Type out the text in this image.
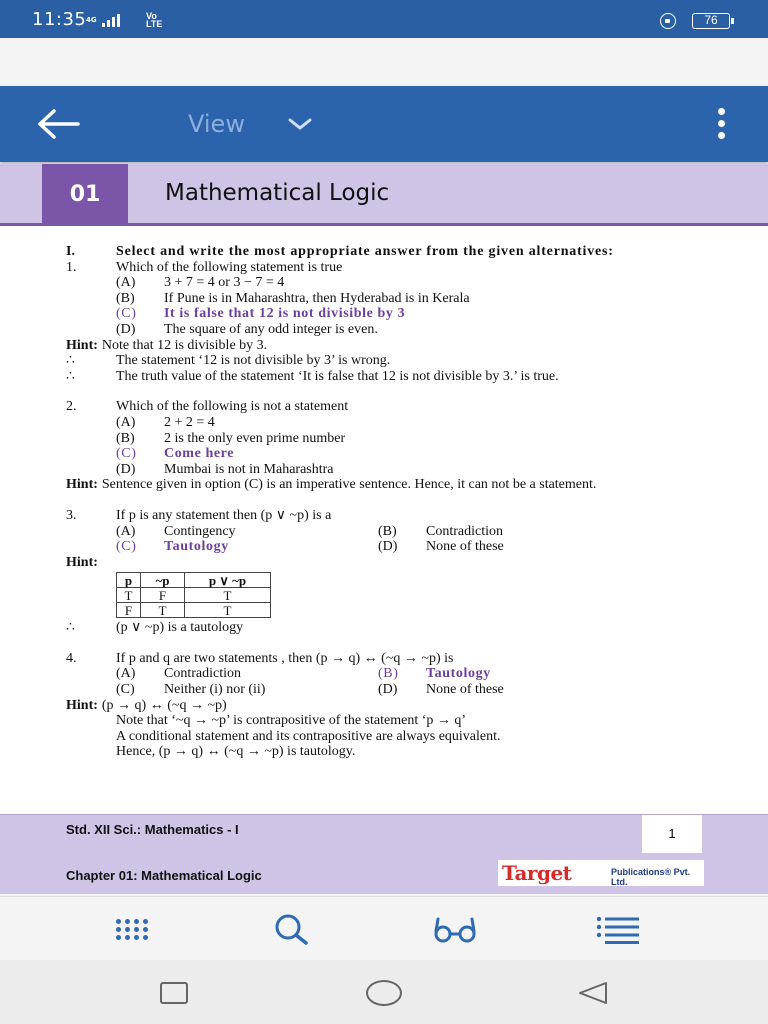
11:35 4G	Vo
LTE	76
View
01	Mathematical Logic
I.	Select and write the most appropriate answer from the given alternatives:
1.	Which of the following statement is true
(A)	3 + 7 = 4 or 3 − 7 = 4
(B)	If Pune is in Maharashtra, then Hyderabad is in Kerala
(C)	It is false that 12 is not divisible by 3
(D)	The square of any odd integer is even.
Hint: Note that 12 is divisible by 3.
∴	The statement ‘12 is not divisible by 3’ is wrong.
∴	The truth value of the statement ‘It is false that 12 is not divisible by 3.’ is true.
2.	Which of the following is not a statement
(A)	2 + 2 = 4
(B)	2 is the only even prime number
(C)	Come here
(D)	Mumbai is not in Maharashtra
Hint: Sentence given in option (C) is an imperative sentence. Hence, it can not be a statement.
3.	If p is any statement then (p ∨ ~p) is a
(A)	Contingency	(B)	Contradiction
(C)	Tautology	(D)	None of these
Hint:
p	~p	p ∨ ~p
T	F	T
F	T	T
∴	(p ∨ ~p) is a tautology
4.	If p and q are two statements , then (p → q) ↔ (~q → ~p) is
(A)	Contradiction	(B)	Tautology
(C)	Neither (i) nor (ii)	(D)	None of these
Hint: (p → q) ↔ (~q → ~p)
Note that ‘~q → ~p’ is contrapositive of the statement ‘p → q’
A conditional statement and its contrapositive are always equivalent.
Hence, (p → q) ↔ (~q → ~p) is tautology.
Std. XII Sci.: Mathematics - I	1
Chapter 01: Mathematical Logic	Target	Publications® Pvt. Ltd.
